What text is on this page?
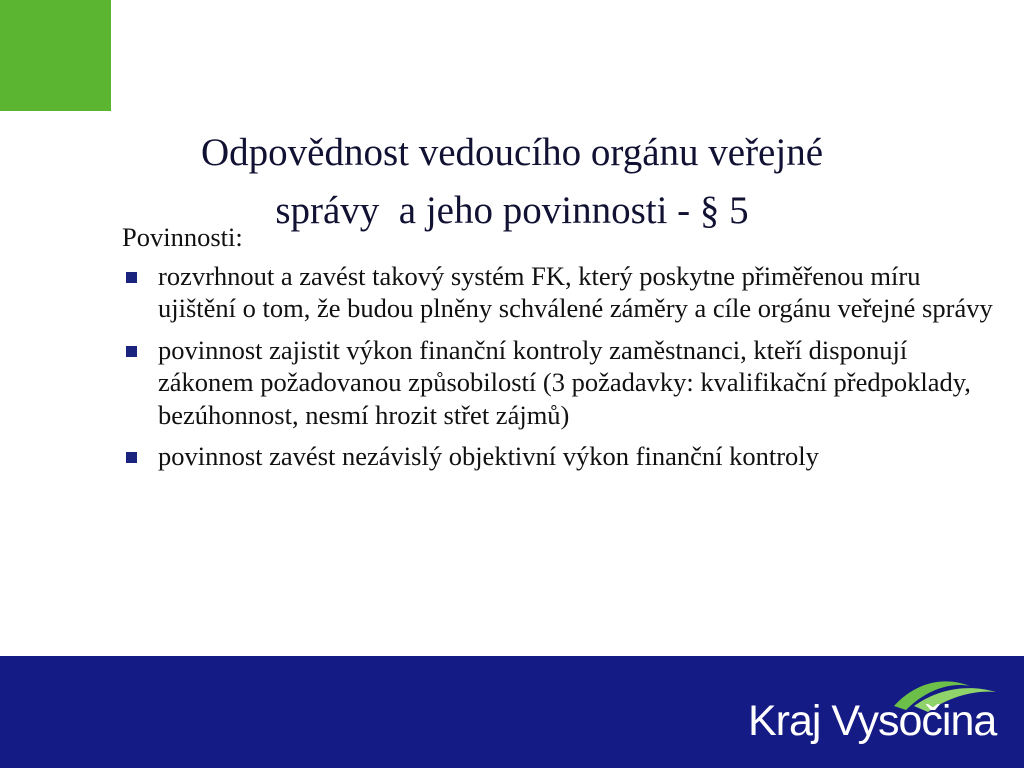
Odpovědnost vedoucího orgánu veřejné
správy  a jeho povinnosti - § 5

Povinnosti:

rozvrhnout a zavést takový systém FK, který poskytne přiměřenou míru ujištění o tom, že budou plněny schválené záměry a cíle orgánu veřejné správy
povinnost zajistit výkon finanční kontroly zaměstnanci, kteří disponují zákonem požadovanou způsobilostí (3 požadavky: kvalifikační předpoklady, bezúhonnost, nesmí hrozit střet zájmů)
povinnost zavést nezávislý objektivní výkon finanční kontroly
Kraj Vysočina
